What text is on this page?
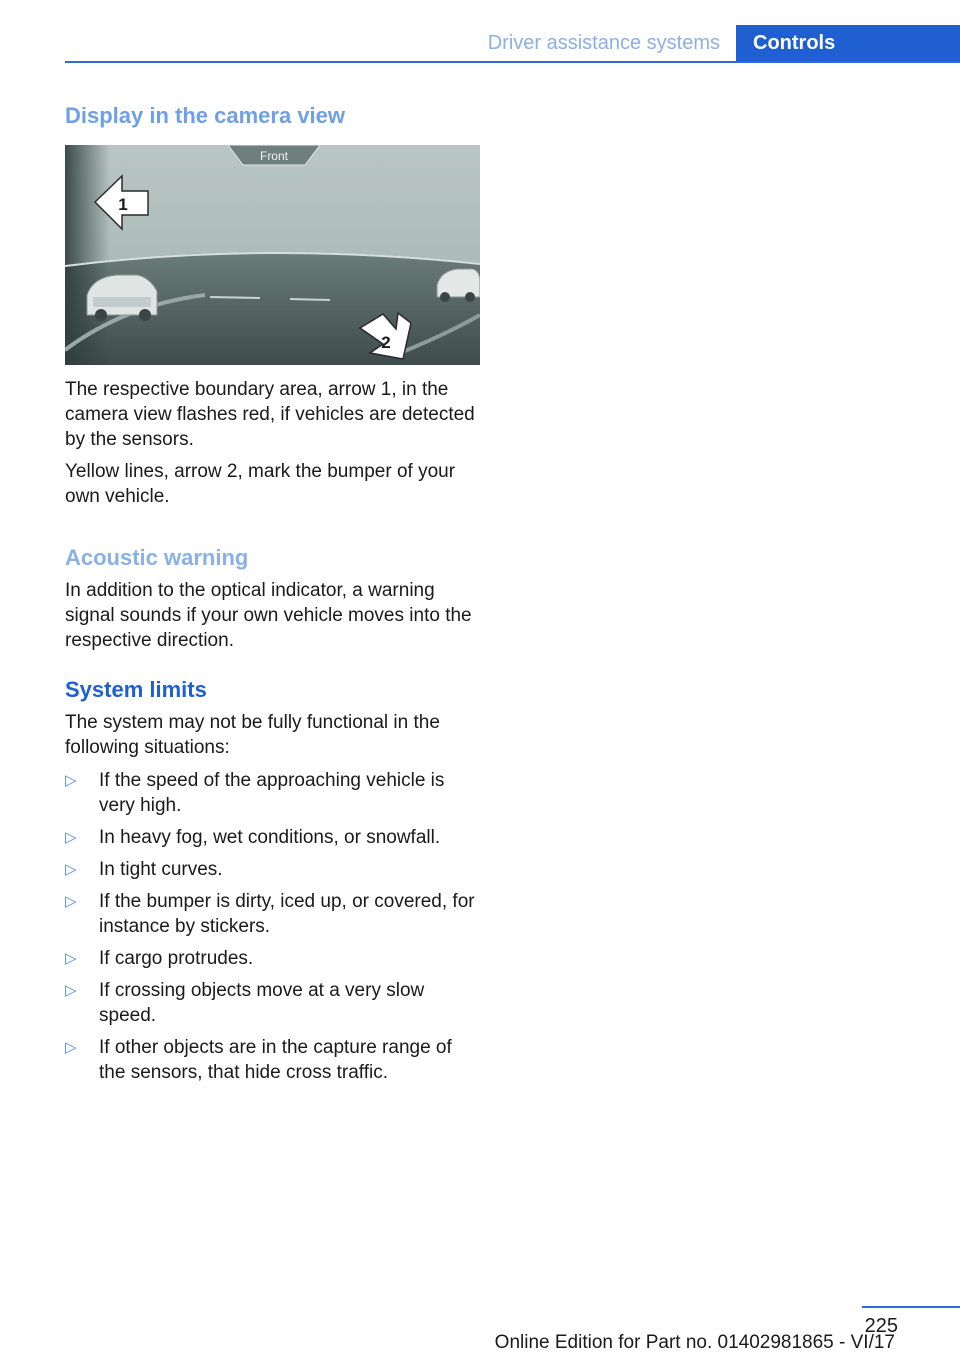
Driver assistance systems	Controls
Display in the camera view
Front
1
2

The respective boundary area, arrow 1, in the camera view flashes red, if vehicles are detected by the sensors.

Yellow lines, arrow 2, mark the bumper of your own vehicle.

Acoustic warning

In addition to the optical indicator, a warning signal sounds if your own vehicle moves into the respective direction.

System limits

The system may not be fully functional in the following situations:

▷ If the speed of the approaching vehicle is very high.
▷ In heavy fog, wet conditions, or snowfall.
▷ In tight curves.
▷ If the bumper is dirty, iced up, or covered, for instance by stickers.
▷ If cargo protrudes.
▷ If crossing objects move at a very slow speed.
▷ If other objects are in the capture range of the sensors, that hide cross traffic.
225
Online Edition for Part no. 01402981865 - VI/17
